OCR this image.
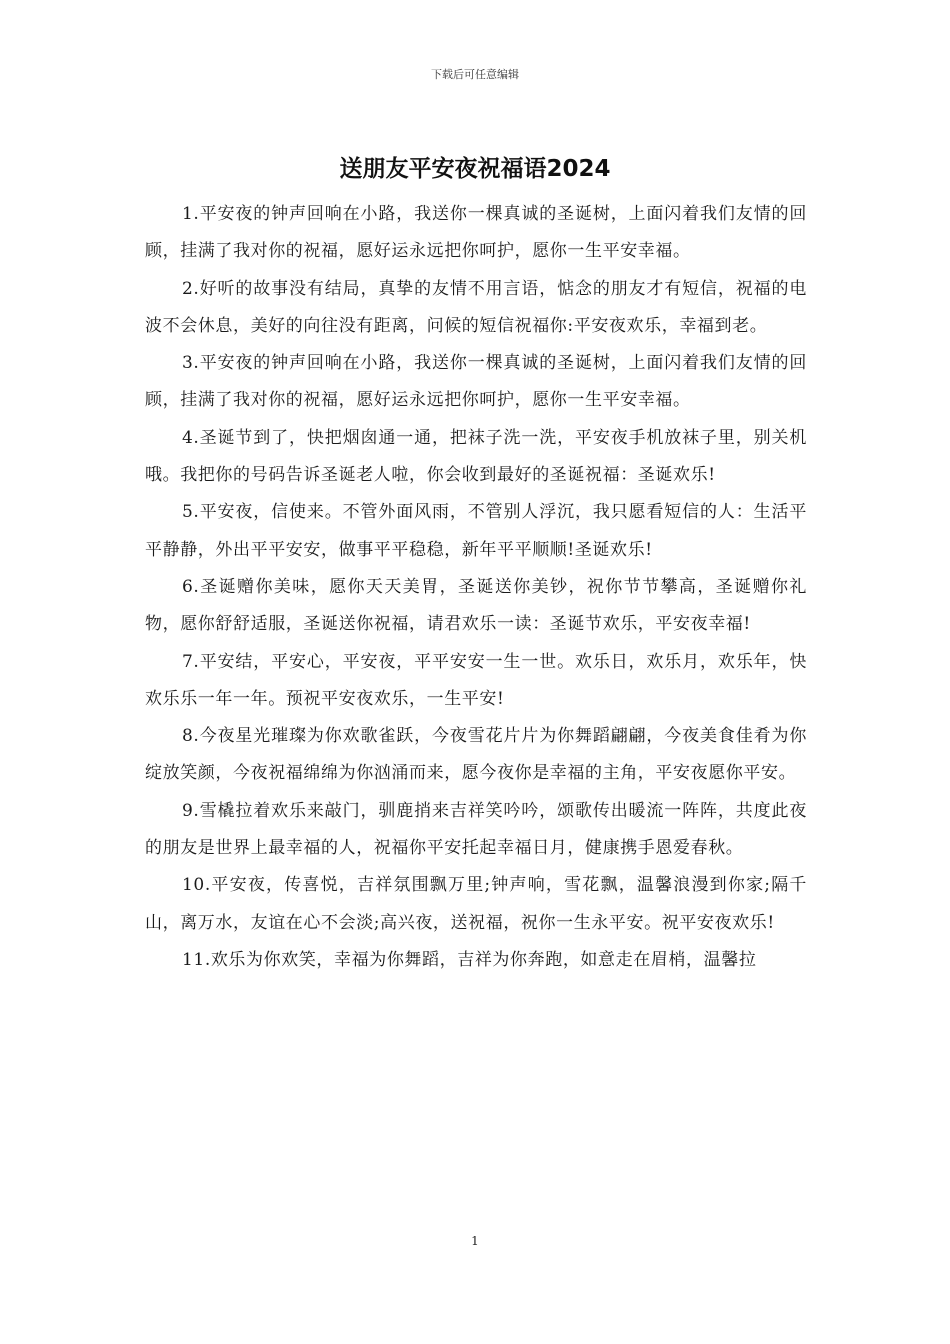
下载后可任意编辑
送朋友平安夜祝福语2024

1.平安夜的钟声回响在小路，我送你一棵真诚的圣诞树，上面闪着我们友情的回顾，挂满了我对你的祝福，愿好运永远把你呵护，愿你一生平安幸福。

2.好听的故事没有结局，真挚的友情不用言语，惦念的朋友才有短信，祝福的电波不会休息，美好的向往没有距离，问候的短信祝福你:平安夜欢乐，幸福到老。

3.平安夜的钟声回响在小路，我送你一棵真诚的圣诞树，上面闪着我们友情的回顾，挂满了我对你的祝福，愿好运永远把你呵护，愿你一生平安幸福。

4.圣诞节到了，快把烟囱通一通，把袜子洗一洗，平安夜手机放袜子里，别关机哦。我把你的号码告诉圣诞老人啦，你会收到最好的圣诞祝福：圣诞欢乐!

5.平安夜，信使来。不管外面风雨，不管别人浮沉，我只愿看短信的人：生活平平静静，外出平平安安，做事平平稳稳，新年平平顺顺!圣诞欢乐!

6.圣诞赠你美味，愿你天天美胃，圣诞送你美钞，祝你节节攀高，圣诞赠你礼物，愿你舒舒适服，圣诞送你祝福，请君欢乐一读：圣诞节欢乐，平安夜幸福!

7.平安结，平安心，平安夜，平平安安一生一世。欢乐日，欢乐月，欢乐年，快欢乐乐一年一年。预祝平安夜欢乐，一生平安!

8.今夜星光璀璨为你欢歌雀跃，今夜雪花片片为你舞蹈翩翩，今夜美食佳肴为你绽放笑颜，今夜祝福绵绵为你汹涌而来，愿今夜你是幸福的主角，平安夜愿你平安。

9.雪橇拉着欢乐来敲门，驯鹿捎来吉祥笑吟吟，颂歌传出暖流一阵阵，共度此夜的朋友是世界上最幸福的人，祝福你平安托起幸福日月，健康携手恩爱春秋。

10.平安夜，传喜悦，吉祥氛围飘万里;钟声响，雪花飘，温馨浪漫到你家;隔千山，离万水，友谊在心不会淡;高兴夜，送祝福，祝你一生永平安。祝平安夜欢乐!

11.欢乐为你欢笑，幸福为你舞蹈，吉祥为你奔跑，如意走在眉梢，温馨拉

1
